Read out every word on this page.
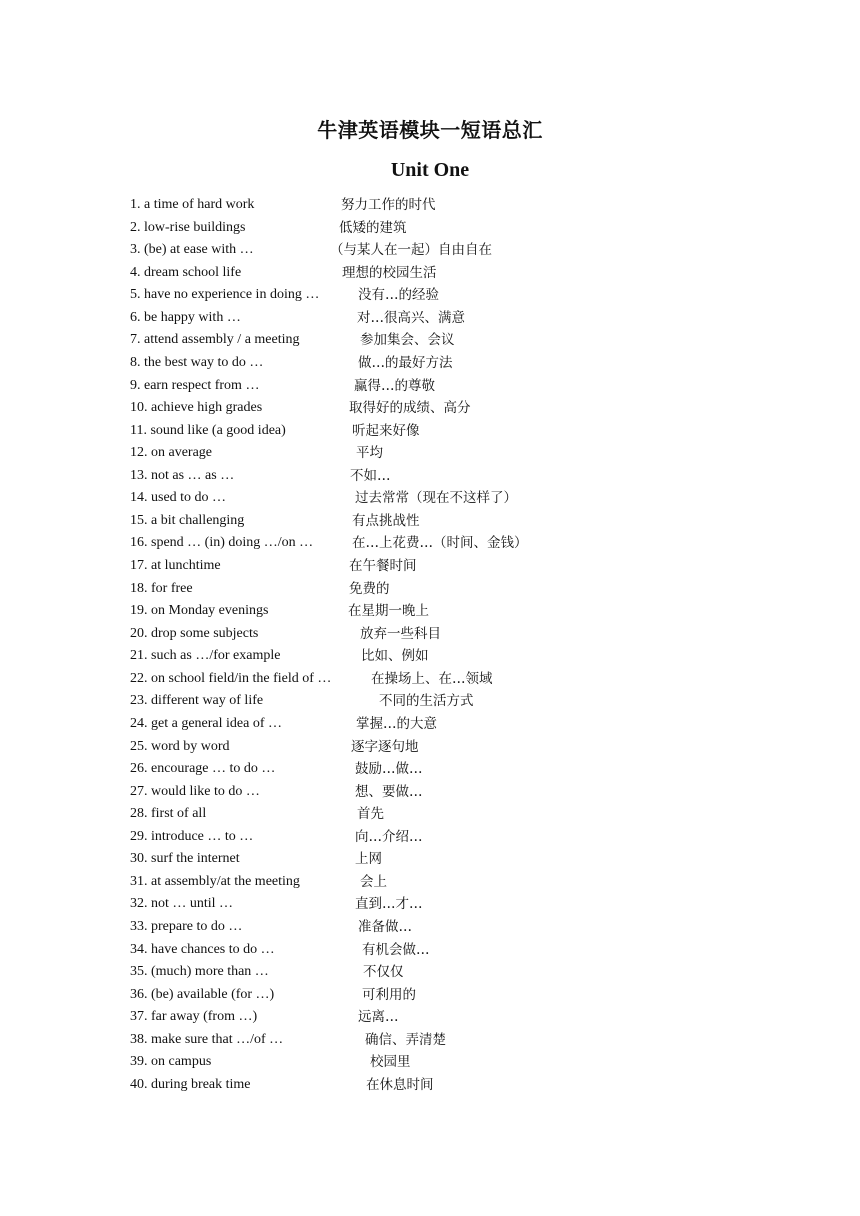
牛津英语模块一短语总汇
Unit One
1. a time of hard work	努力工作的时代
2. low-rise buildings	低矮的建筑
3. (be) at ease with …	（与某人在一起）自由自在
4. dream school life	理想的校园生活
5. have no experience in doing …	没有…的经验
6. be happy with …	对…很高兴、满意
7. attend assembly / a meeting	参加集会、会议
8. the best way to do …	做…的最好方法
9. earn respect from …	赢得…的尊敬
10. achieve high grades	取得好的成绩、高分
11. sound like (a good idea)	听起来好像
12. on average	平均
13. not as … as …	不如…
14. used to do …	过去常常（现在不这样了）
15. a bit challenging	有点挑战性
16. spend … (in) doing …/on …	在…上花费…（时间、金钱）
17. at lunchtime	在午餐时间
18. for free	免费的
19. on Monday evenings	在星期一晚上
20. drop some subjects	放弃一些科目
21. such as …/for example	比如、例如
22. on school field/in the field of …	在操场上、在…领域
23. different way of life	不同的生活方式
24. get a general idea of …	掌握…的大意
25. word by word	逐字逐句地
26. encourage … to do …	鼓励…做…
27. would like to do …	想、要做…
28. first of all	首先
29. introduce … to …	向…介绍…
30. surf the internet	上网
31. at assembly/at the meeting	会上
32. not … until …	直到…才…
33. prepare to do …	准备做…
34. have chances to do …	有机会做…
35. (much) more than …	不仅仅
36. (be) available (for …)	可利用的
37. far away (from …)	远离…
38. make sure that …/of …	确信、弄清楚
39. on campus	校园里
40. during break time	在休息时间
